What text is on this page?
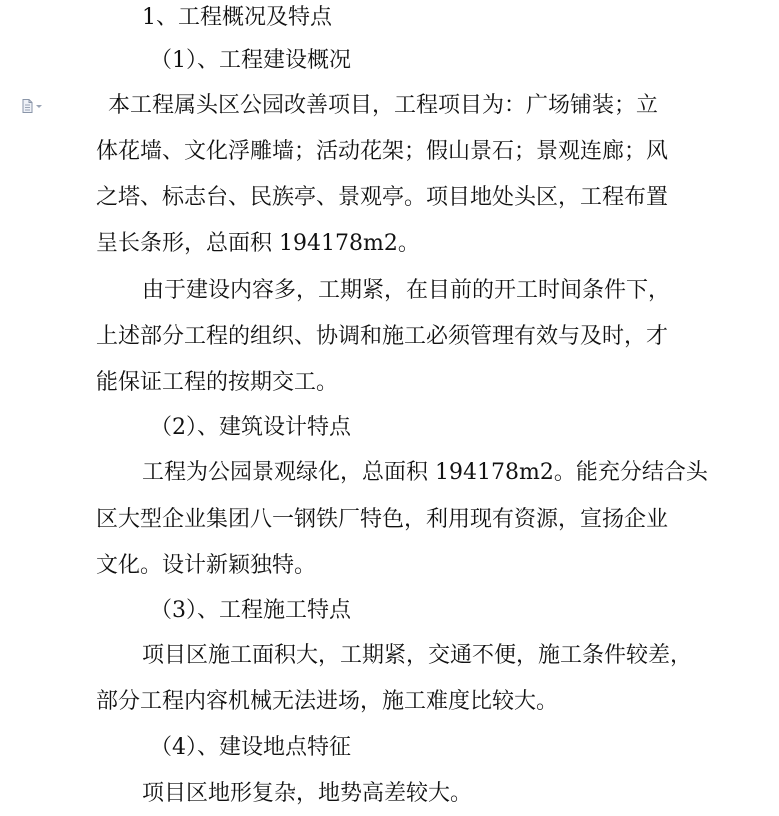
1、工程概况及特点
（1）、工程建设概况
本工程属头区公园改善项目，工程项目为：广场铺装；立
体花墙、文化浮雕墙；活动花架；假山景石；景观连廊；风
之塔、标志台、民族亭、景观亭。项目地处头区，工程布置
呈长条形，总面积 194178m2。
由于建设内容多，工期紧，在目前的开工时间条件下，
上述部分工程的组织、协调和施工必须管理有效与及时，才
能保证工程的按期交工。
（2）、建筑设计特点
工程为公园景观绿化，总面积 194178m2。能充分结合头
区大型企业集团八一钢铁厂特色，利用现有资源，宣扬企业
文化。设计新颖独特。
（3）、工程施工特点
项目区施工面积大，工期紧，交通不便，施工条件较差，
部分工程内容机械无法进场，施工难度比较大。
（4）、建设地点特征
项目区地形复杂，地势高差较大。
